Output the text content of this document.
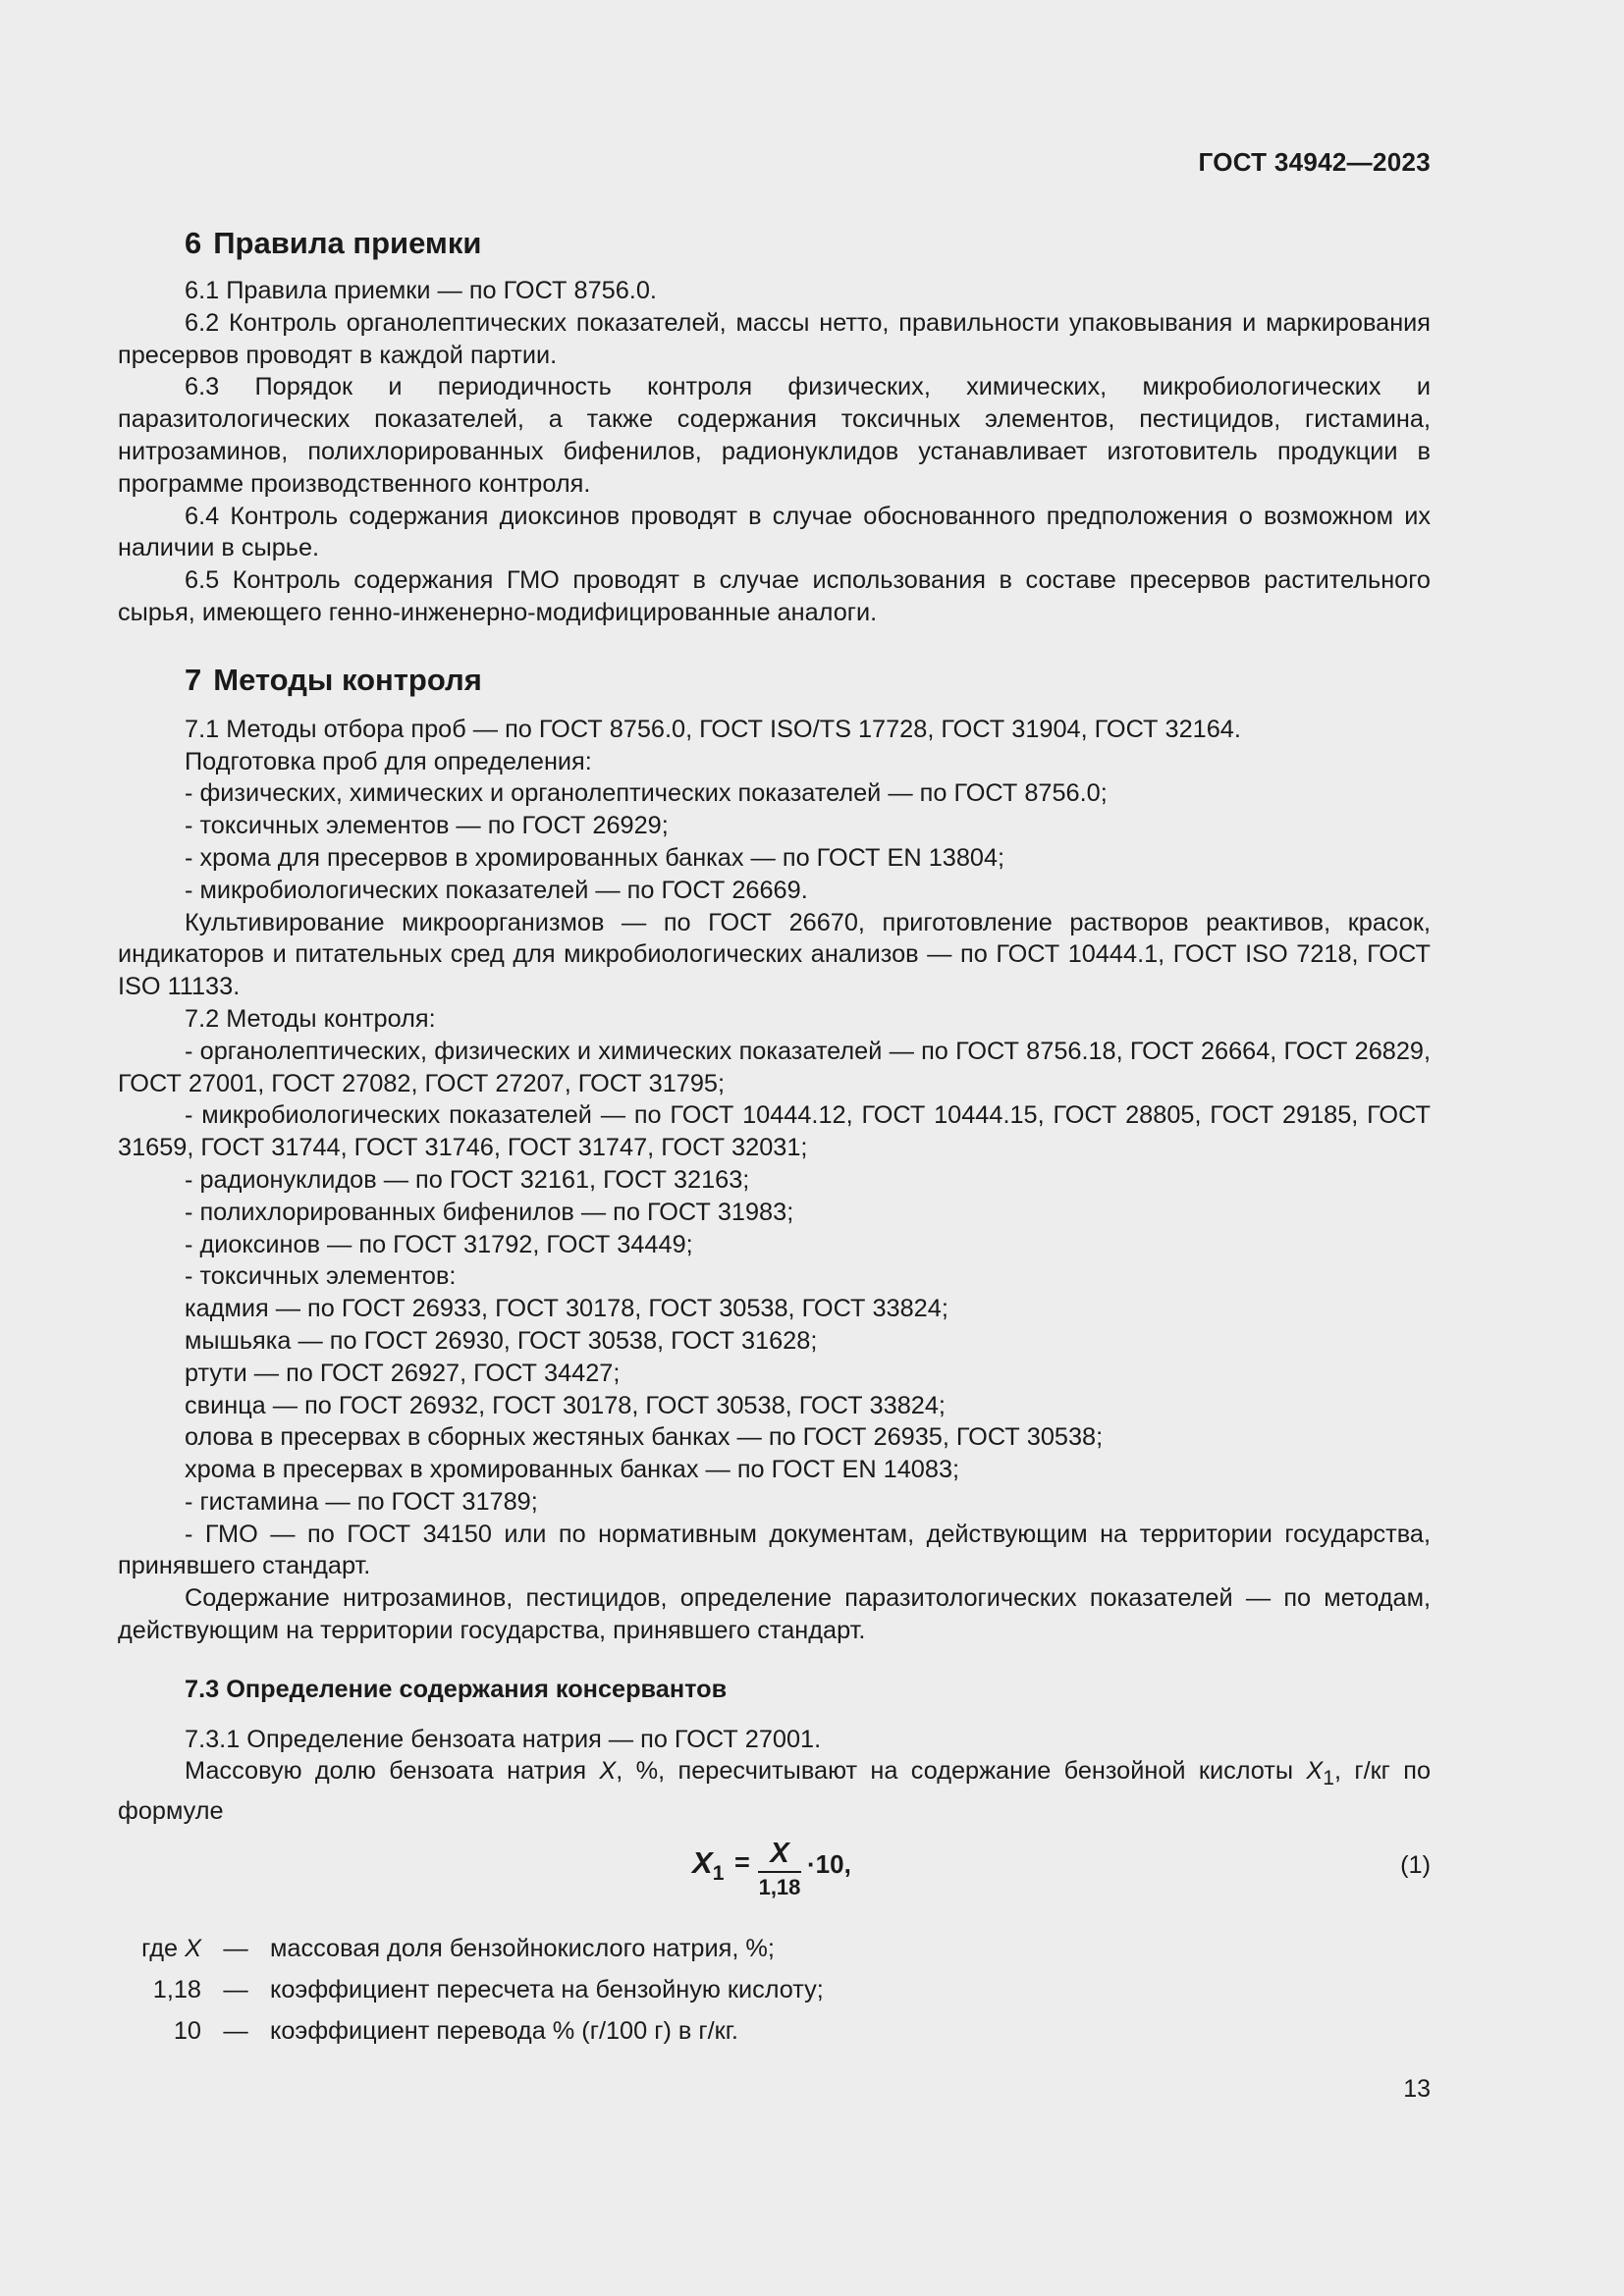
ГОСТ 34942—2023
6 Правила приемки

6.1 Правила приемки — по ГОСТ 8756.0.

6.2 Контроль органолептических показателей, массы нетто, правильности упаковывания и маркирования пресервов проводят в каждой партии.

6.3 Порядок и периодичность контроля физических, химических, микробиологических и паразитологических показателей, а также содержания токсичных элементов, пестицидов, гистамина, нитрозаминов, полихлорированных бифенилов, радионуклидов устанавливает изготовитель продукции в программе производственного контроля.

6.4 Контроль содержания диоксинов проводят в случае обоснованного предположения о возможном их наличии в сырье.

6.5 Контроль содержания ГМО проводят в случае использования в составе пресервов растительного сырья, имеющего генно-инженерно-модифицированные аналоги.

7 Методы контроля

7.1 Методы отбора проб — по ГОСТ 8756.0, ГОСТ ISO/TS 17728, ГОСТ 31904, ГОСТ 32164.

Подготовка проб для определения:

- физических, химических и органолептических показателей — по ГОСТ 8756.0;

- токсичных элементов — по ГОСТ 26929;

- хрома для пресервов в хромированных банках — по ГОСТ EN 13804;

- микробиологических показателей — по ГОСТ 26669.

Культивирование микроорганизмов — по ГОСТ 26670, приготовление растворов реактивов, красок, индикаторов и питательных сред для микробиологических анализов — по ГОСТ 10444.1, ГОСТ ISO 7218, ГОСТ ISO 11133.

7.2 Методы контроля:

- органолептических, физических и химических показателей — по ГОСТ 8756.18, ГОСТ 26664, ГОСТ 26829, ГОСТ 27001, ГОСТ 27082, ГОСТ 27207, ГОСТ 31795;

- микробиологических показателей — по ГОСТ 10444.12, ГОСТ 10444.15, ГОСТ 28805, ГОСТ 29185, ГОСТ 31659, ГОСТ 31744, ГОСТ 31746, ГОСТ 31747, ГОСТ 32031;

- радионуклидов — по ГОСТ 32161, ГОСТ 32163;

- полихлорированных бифенилов — по ГОСТ 31983;

- диоксинов — по ГОСТ 31792, ГОСТ 34449;

- токсичных элементов:

кадмия — по ГОСТ 26933, ГОСТ 30178, ГОСТ 30538, ГОСТ 33824;

мышьяка — по ГОСТ 26930, ГОСТ 30538, ГОСТ 31628;

ртути — по ГОСТ 26927, ГОСТ 34427;

свинца — по ГОСТ 26932, ГОСТ 30178, ГОСТ 30538, ГОСТ 33824;

олова в пресервах в сборных жестяных банках — по ГОСТ 26935, ГОСТ 30538;

хрома в пресервах в хромированных банках — по ГОСТ EN 14083;

- гистамина — по ГОСТ 31789;

- ГМО — по ГОСТ 34150 или по нормативным документам, действующим на территории государства, принявшего стандарт.

Содержание нитрозаминов, пестицидов, определение паразитологических показателей — по методам, действующим на территории государства, принявшего стандарт.

7.3 Определение содержания консервантов

7.3.1 Определение бензоата натрия — по ГОСТ 27001.

Массовую долю бензоата натрия X, %, пересчитывают на содержание бензойной кислоты $X_1$, г/кг по формуле

$X_1 = X$
1,18
·10,	(1)
где X — массовая доля бензойнокислого натрия, %;
1,18 — коэффициент пересчета на бензойную кислоту;
10 — коэффициент перевода % (г/100 г) в г/кг.
13
